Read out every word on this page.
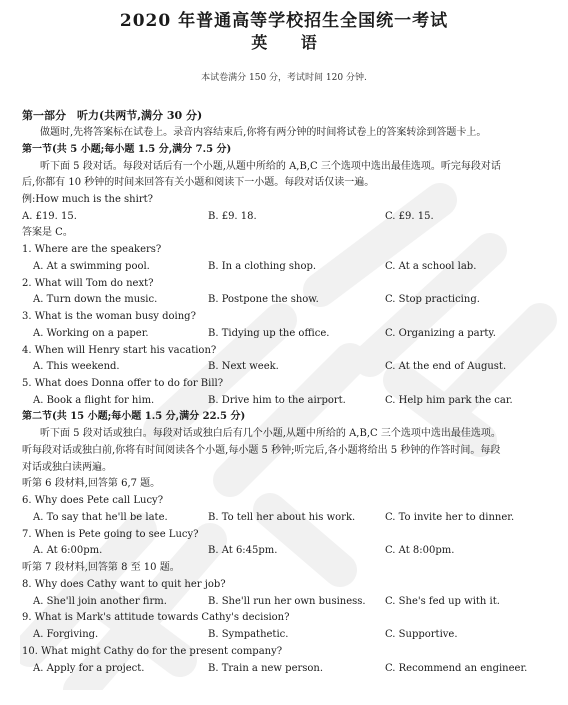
2020 年普通高等学校招生全国统一考试
英 语
本试卷满分 150 分，考试时间 120 分钟.
第一部分　听力(共两节,满分 30 分)
做题时,先将答案标在试卷上。录音内容结束后,你将有两分钟的时间将试卷上的答案转涂到答题卡上。
第一节(共 5 小题;每小题 1.5 分,满分 7.5 分)
听下面 5 段对话。每段对话后有一个小题,从题中所给的 A,B,C 三个选项中选出最佳选项。听完每段对话
后,你都有 10 秒钟的时间来回答有关小题和阅读下一小题。每段对话仅读一遍。
例:How much is the shirt?
A. £19. 15.	B. £9. 18.	C. £9. 15.
答案是 C。
1. Where are the speakers?
A. At a swimming pool.	B. In a clothing shop.	C. At a school lab.
2. What will Tom do next?
A. Turn down the music.	B. Postpone the show.	C. Stop practicing.
3. What is the woman busy doing?
A. Working on a paper.	B. Tidying up the office.	C. Organizing a party.
4. When will Henry start his vacation?
A. This weekend.	B. Next week.	C. At the end of August.
5. What does Donna offer to do for Bill?
A. Book a flight for him.	B. Drive him to the airport.	C. Help him park the car.
第二节(共 15 小题;每小题 1.5 分,满分 22.5 分)
听下面 5 段对话或独白。每段对话或独白后有几个小题,从题中所给的 A,B,C 三个选项中选出最佳选项。
听每段对话或独白前,你将有时间阅读各个小题,每小题 5 秒钟;听完后,各小题将给出 5 秒钟的作答时间。每段
对话或独白读两遍。
听第 6 段材料,回答第 6,7 题。
6. Why does Pete call Lucy?
A. To say that he'll be late.	B. To tell her about his work.	C. To invite her to dinner.
7. When is Pete going to see Lucy?
A. At 6:00pm.	B. At 6:45pm.	C. At 8:00pm.
听第 7 段材料,回答第 8 至 10 题。
8. Why does Cathy want to quit her job?
A. She'll join another firm.	B. She'll run her own business. C. She's fed up with it.
9. What is Mark's attitude towards Cathy's decision?
A. Forgiving.	B. Sympathetic.	C. Supportive.
10. What might Cathy do for the present company?
A. Apply for a project.	B. Train a new person.	C. Recommend an engineer.
